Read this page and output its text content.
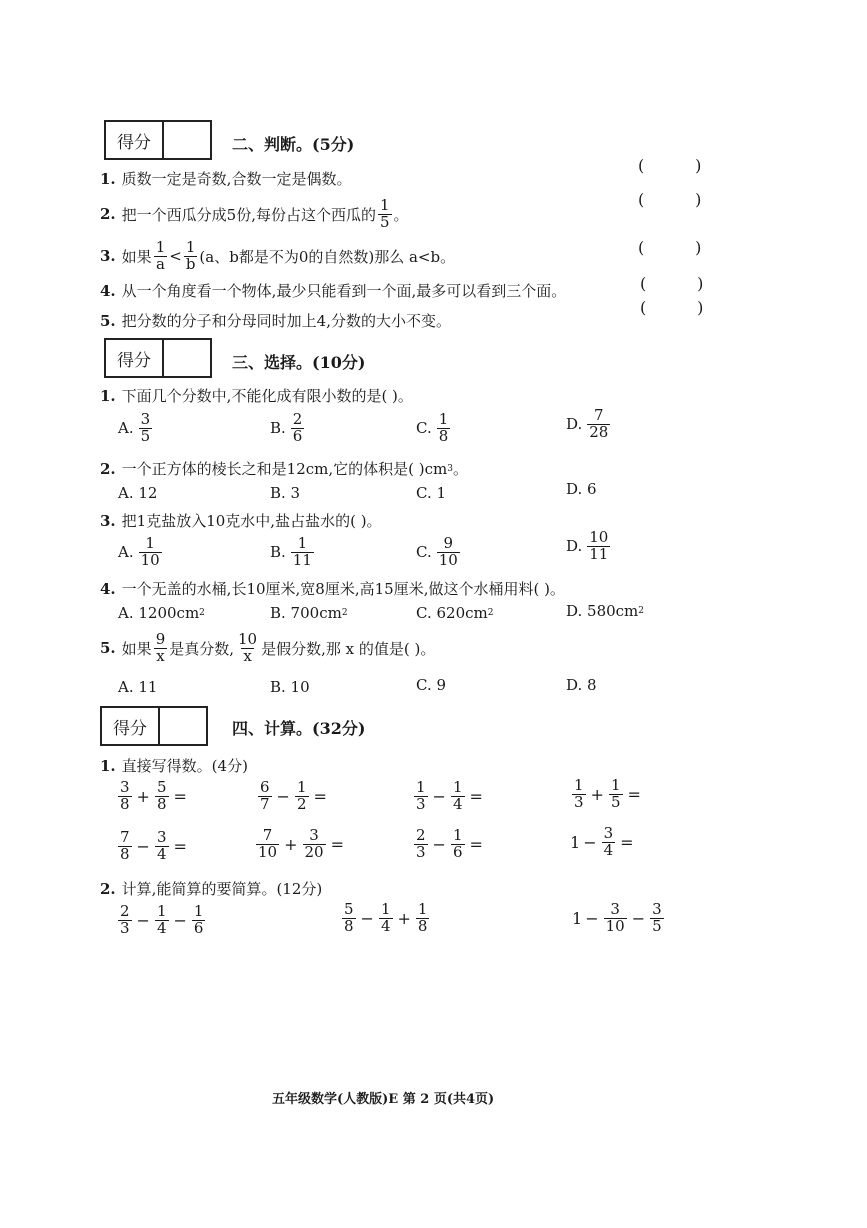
得分	二、判断。(5分)
1. 质数一定是奇数,合数一定是偶数。
(          )
2. 把一个西瓜分成5份,每份占这个西瓜的 $\frac{1}{5}$ 。
(          )
3. 如果 $\frac{1}{a} < \frac{1}{b} (a$、b都是不为0的自然数)那么 a<b。	(          )
4. 从一个角度看一个物体,最少只能看到一个面,最多可以看到三个面。	(          )
5. 把分数的分子和分母同时加上4,分数的大小不变。
(          )
得分	三、选择。(10分)
1. 下面几个分数中,不能化成有限小数的是( )。
A. $\frac{3}{5}$	B. $\frac{2}{6}$	C. $\frac{1}{8}$	D. $\frac{7}{28}$
2. 一个正方体的棱长之和是12cm,它的体积是( )cm 3 。
A. 12	B. 3	C. 1	D. 6
3. 把1克盐放入10克水中,盐占盐水的( )。
A. $\frac{1}{10}$	B. $\frac{1}{11}$	C. $\frac{9}{10}$	D. $\frac{10}{11}$
4. 一个无盖的水桶,长10厘米,宽8厘米,高15厘米,做这个水桶用料( )。
A. 1200cm 2	B. 700cm 2	C. 620cm 2	D. 580cm 2
5. 如果 $\frac{9}{x}$ 是真分数, $\frac{10}{x}$ 是假分数,那 x 的值是( )。
A. 11	B. 10	C. 9	D. 8
得分	四、计算。(32分)
1. 直接写得数。(4分)
$\frac{3}{8} + \frac{5}{8}$ =	$\frac{6}{7} - \frac{1}{2}$ =	$\frac{1}{3} - \frac{1}{4}$ =	$\frac{1}{3} + \frac{1}{5}$ =
$\frac{7}{8} - \frac{3}{4}$ =	$\frac{7}{10} + \frac{3}{20}$ =	$\frac{2}{3} - \frac{1}{6}$ =	$1 - \frac{3}{4}$ =
2. 计算,能简算的要简算。(12分)
$\frac{2}{3} - \frac{1}{4} - \frac{1}{6}$	$\frac{5}{8} - \frac{1}{4} + \frac{1}{8}$	$1 - \frac{3}{10} - \frac{3}{5}$
五年级数学(人教版)E 第 2 页(共4页)
